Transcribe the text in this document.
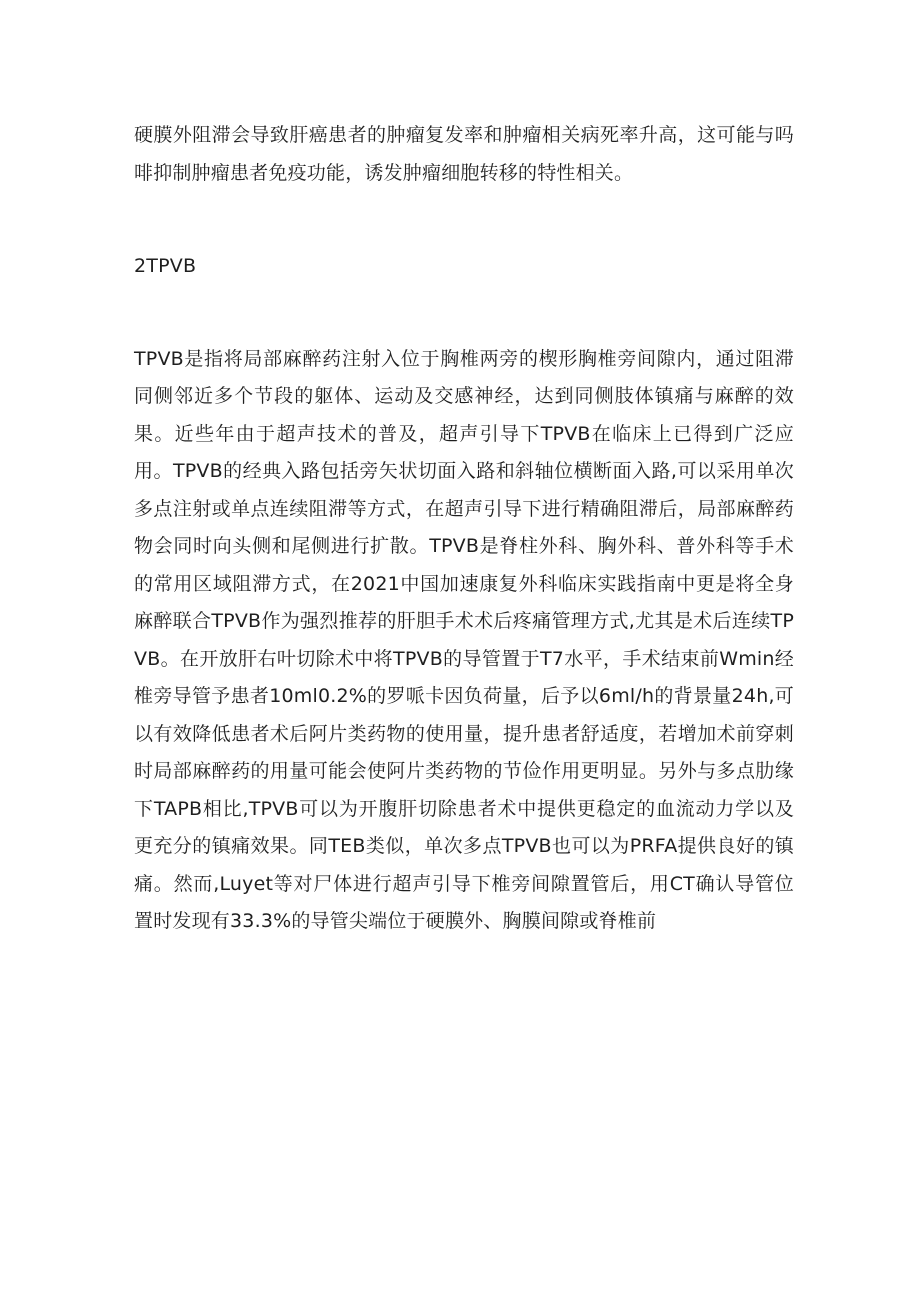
硬膜外阻滞会导致肝癌患者的肿瘤复发率和肿瘤相关病死率升高，这可能与吗啡抑制肿瘤患者免疫功能，诱发肿瘤细胞转移的特性相关。

2TPVB

TPVB是指将局部麻醉药注射入位于胸椎两旁的楔形胸椎旁间隙内，通过阻滞同侧邻近多个节段的躯体、运动及交感神经，达到同侧肢体镇痛与麻醉的效果。近些年由于超声技术的普及，超声引导下TPVB在临床上已得到广泛应用。TPVB的经典入路包括旁矢状切面入路和斜轴位横断面入路,可以采用单次多点注射或单点连续阻滞等方式，在超声引导下进行精确阻滞后，局部麻醉药物会同时向头侧和尾侧进行扩散。TPVB是脊柱外科、胸外科、普外科等手术的常用区域阻滞方式，在2021中国加速康复外科临床实践指南中更是将全身麻醉联合TPVB作为强烈推荐的肝胆手术术后疼痛管理方式,尤其是术后连续TPVB。在开放肝右叶切除术中将TPVB的导管置于T7水平，手术结束前Wmin经椎旁导管予患者10ml0.2%的罗哌卡因负荷量，后予以6ml/h的背景量24h,可以有效降低患者术后阿片类药物的使用量，提升患者舒适度，若增加术前穿刺时局部麻醉药的用量可能会使阿片类药物的节俭作用更明显。另外与多点肋缘下TAPB相比,TPVB可以为开腹肝切除患者术中提供更稳定的血流动力学以及更充分的镇痛效果。同TEB类似，单次多点TPVB也可以为PRFA提供良好的镇痛。然而,Luyet等对尸体进行超声引导下椎旁间隙置管后，用CT确认导管位置时发现有33.3%的导管尖端位于硬膜外、胸膜间隙或脊椎前
